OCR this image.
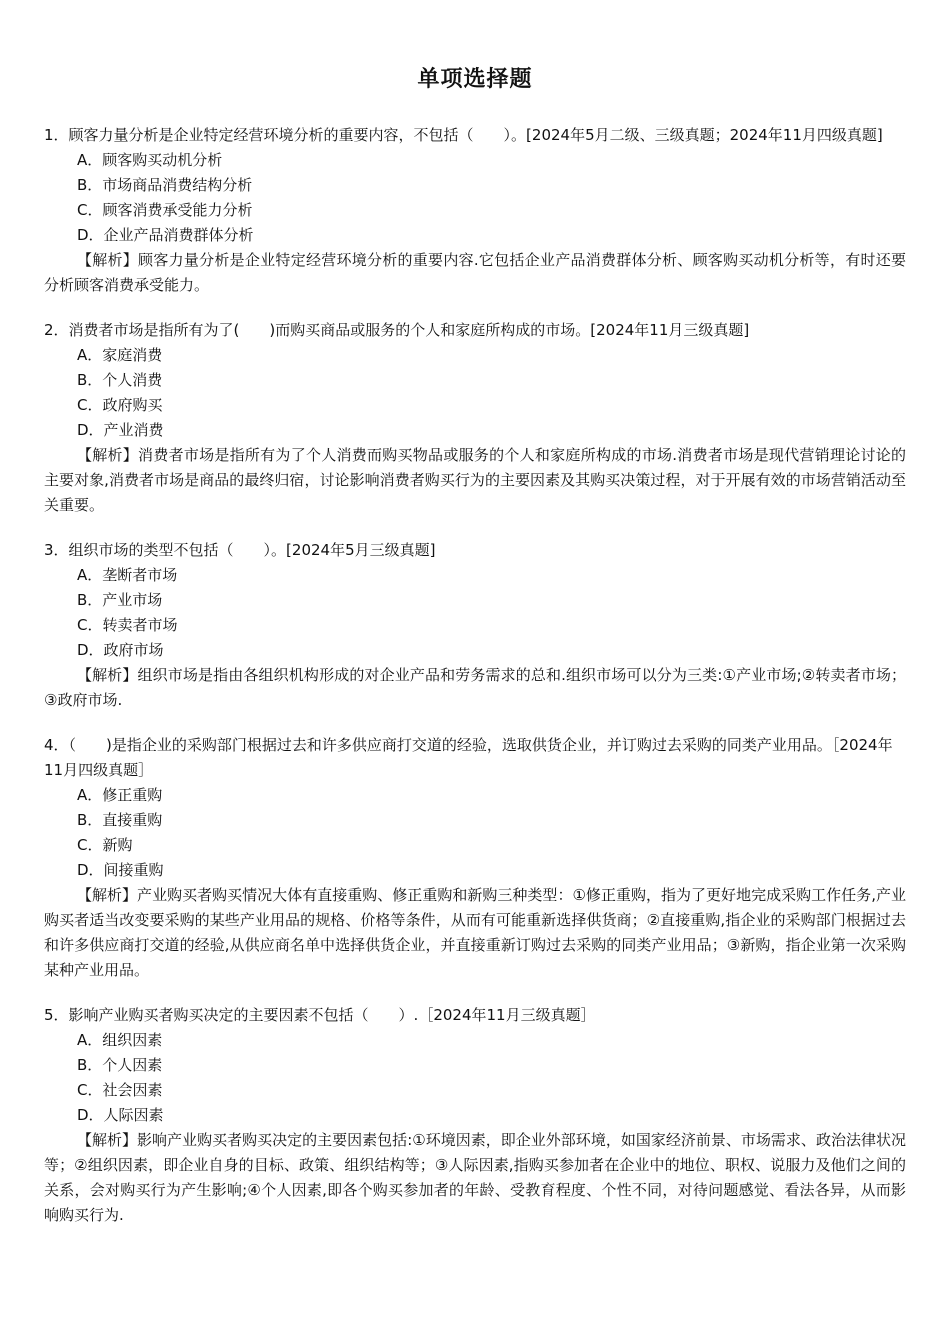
单项选择题

1．顾客力量分析是企业特定经营环境分析的重要内容，不包括（　　）。[2024年5月二级、三级真题；2024年11月四级真题]

A．顾客购买动机分析
B．市场商品消费结构分析
C．顾客消费承受能力分析
D．企业产品消费群体分析

【解析】顾客力量分析是企业特定经营环境分析的重要内容.它包括企业产品消费群体分析、顾客购买动机分析等，有时还要分析顾客消费承受能力。

2．消费者市场是指所有为了(　　)而购买商品或服务的个人和家庭所构成的市场。[2024年11月三级真题]

A．家庭消费
B．个人消费
C．政府购买
D．产业消费

【解析】消费者市场是指所有为了个人消费而购买物品或服务的个人和家庭所构成的市场.消费者市场是现代营销理论讨论的主要对象,消费者市场是商品的最终归宿，讨论影响消费者购买行为的主要因素及其购买决策过程，对于开展有效的市场营销活动至关重要。

3．组织市场的类型不包括（　　）。[2024年5月三级真题]

A．垄断者市场
B．产业市场
C．转卖者市场
D．政府市场

【解析】组织市场是指由各组织机构形成的对企业产品和劳务需求的总和.组织市场可以分为三类:①产业市场;②转卖者市场；③政府市场.

4．（　　)是指企业的采购部门根据过去和许多供应商打交道的经验，选取供货企业，并订购过去采购的同类产业用品。［2024年11月四级真题］

A．修正重购
B．直接重购
C．新购
D．间接重购

【解析】产业购买者购买情况大体有直接重购、修正重购和新购三种类型：①修正重购，指为了更好地完成采购工作任务,产业购买者适当改变要采购的某些产业用品的规格、价格等条件，从而有可能重新选择供货商；②直接重购,指企业的采购部门根据过去和许多供应商打交道的经验,从供应商名单中选择供货企业，并直接重新订购过去采购的同类产业用品；③新购，指企业第一次采购某种产业用品。

5．影响产业购买者购买决定的主要因素不包括（　　）.［2024年11月三级真题］

A．组织因素
B．个人因素
C．社会因素
D．人际因素

【解析】影响产业购买者购买决定的主要因素包括:①环境因素，即企业外部环境，如国家经济前景、市场需求、政治法律状况等；②组织因素，即企业自身的目标、政策、组织结构等；③人际因素,指购买参加者在企业中的地位、职权、说服力及他们之间的关系，会对购买行为产生影响;④个人因素,即各个购买参加者的年龄、受教育程度、个性不同，对待问题感觉、看法各异，从而影响购买行为.
